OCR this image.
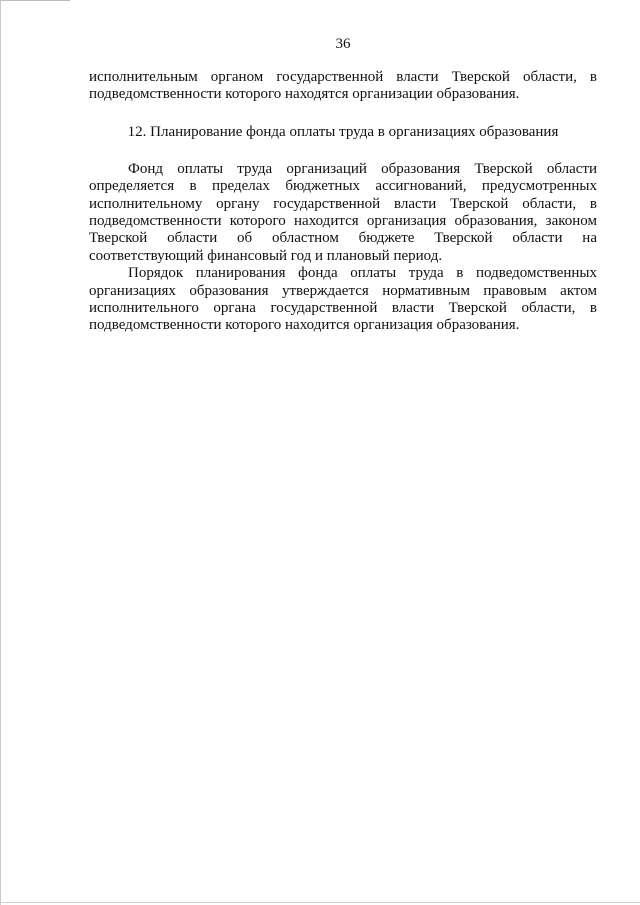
36

исполнительным органом государственной власти Тверской области, в подведомственности которого находятся организации образования.

12. Планирование фонда оплаты труда в организациях образования

Фонд оплаты труда организаций образования Тверской области определяется в пределах бюджетных ассигнований, предусмотренных исполнительному органу государственной власти Тверской области, в подведомственности которого находится организация образования, законом Тверской области об областном бюджете Тверской области на соответствующий финансовый год и плановый период.

Порядок планирования фонда оплаты труда в подведомственных организациях образования утверждается нормативным правовым актом исполнительного органа государственной власти Тверской области, в подведомственности которого находится организация образования.
